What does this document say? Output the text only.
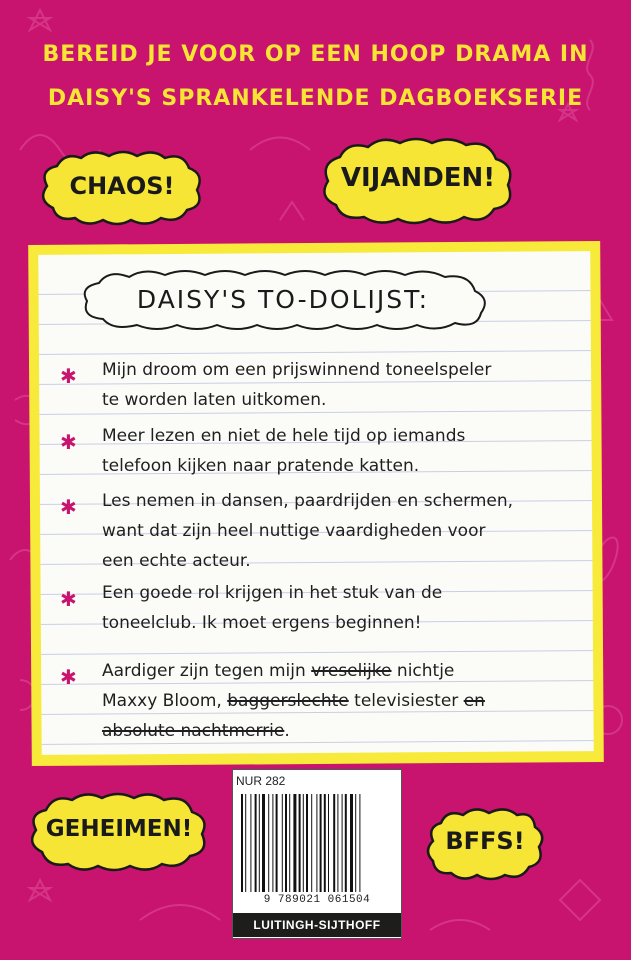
BEREID JE VOOR OP EEN HOOP DRAMA IN
DAISY'S SPRANKELENDE DAGBOEKSERIE
CHAOS!	VIJANDEN!
DAISY'S TO-DOLIJST:
✱ Mijn droom om een prijswinnend toneelspeler
te worden laten uitkomen.
✱ Meer lezen en niet de hele tijd op iemands
telefoon kijken naar pratende katten.
✱ Les nemen in dansen, paardrijden en schermen,
want dat zijn heel nuttige vaardigheden voor
een echte acteur.
✱ Een goede rol krijgen in het stuk van de
toneelclub. Ik moet ergens beginnen!
✱ Aardiger zijn tegen mijn vreselijke nichtje
Maxxy Bloom, baggerslechte televisiester en
absolute nachtmerrie.
GEHEIMEN!	BFFS!
NUR 282
9 789021 061504
LUITINGH-SIJTHOFF
